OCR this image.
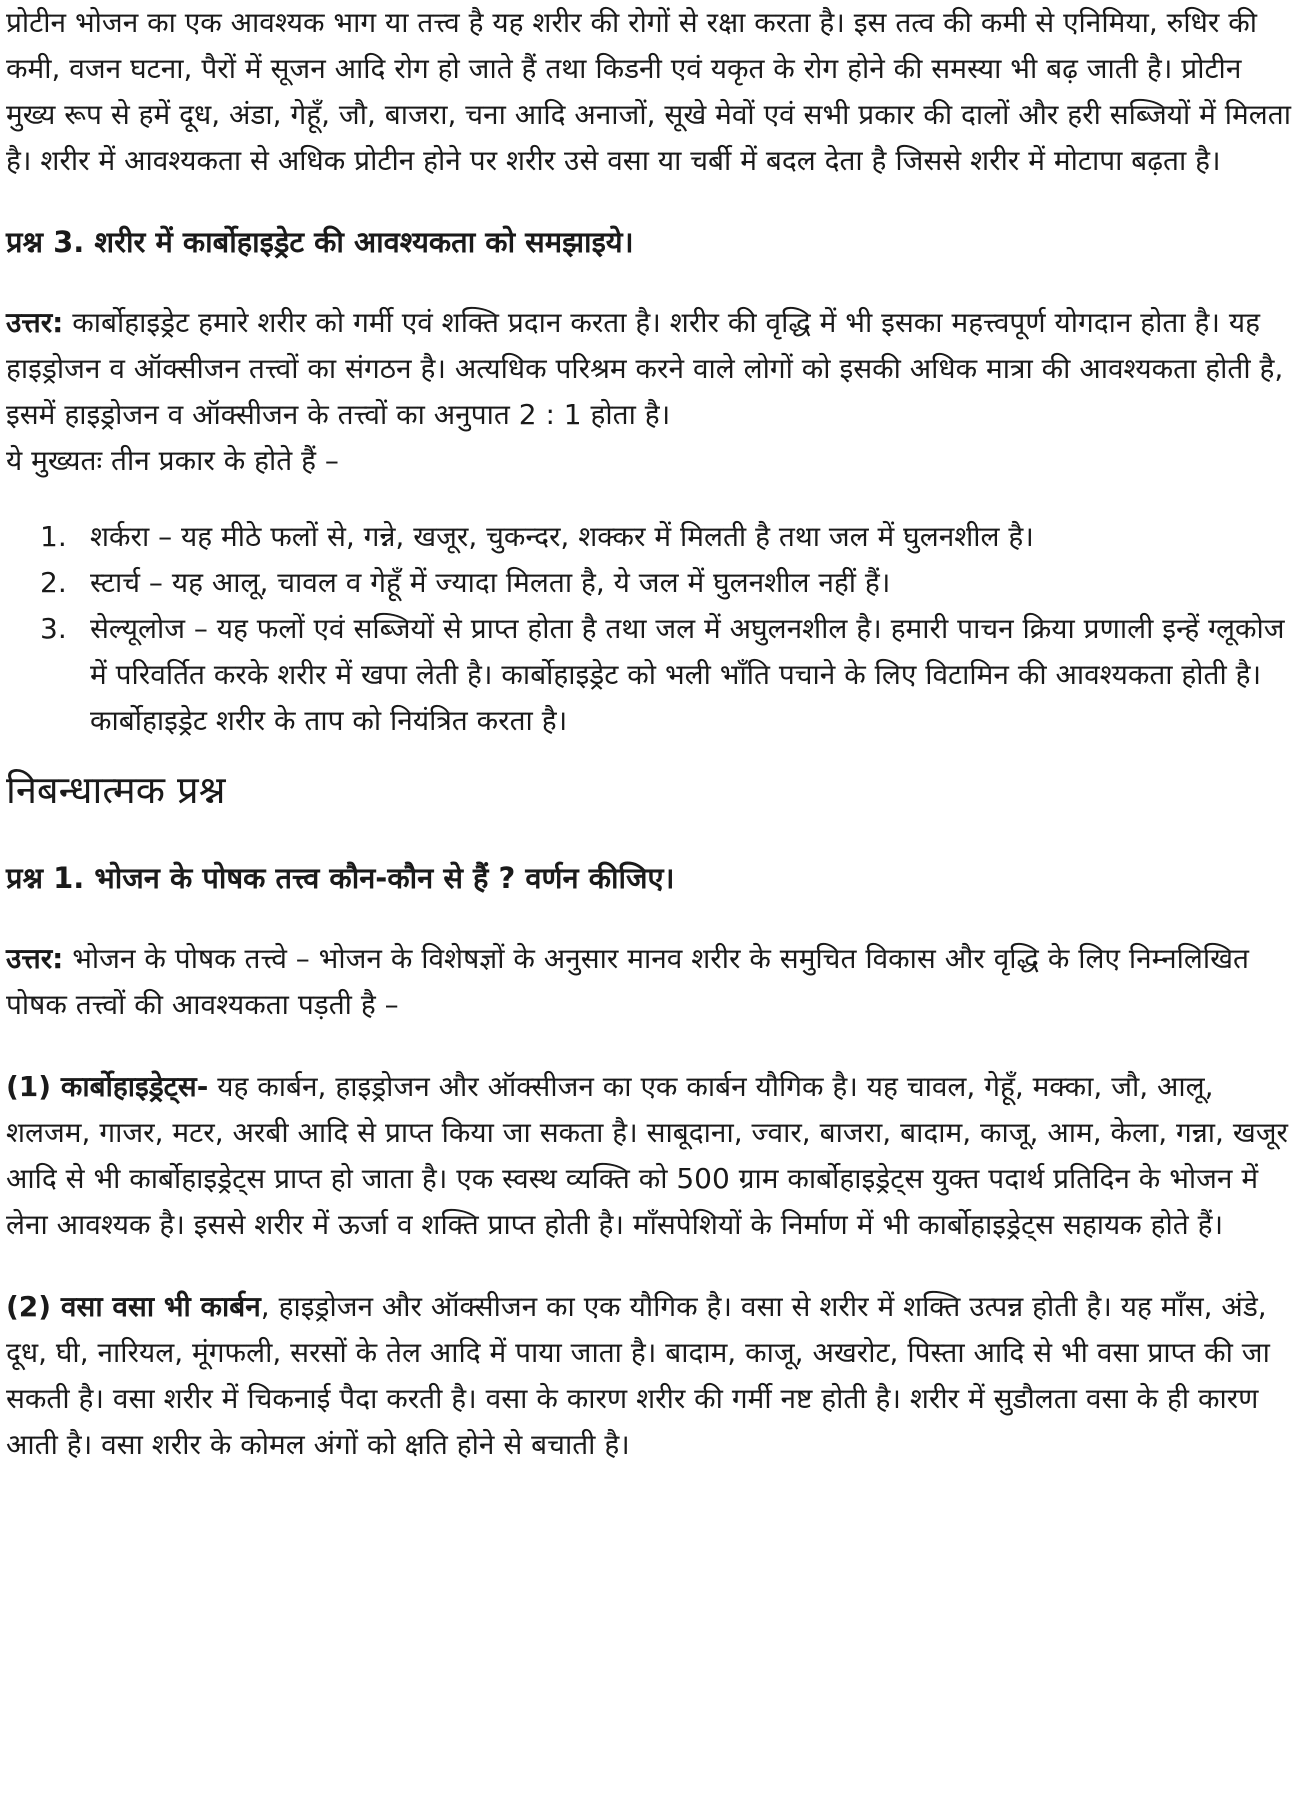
प्रोटीन भोजन का एक आवश्यक भाग या तत्त्व है यह शरीर की रोगों से रक्षा करता है। इस तत्व की कमी से एनिमिया, रुधिर की कमी, वजन घटना, पैरों में सूजन आदि रोग हो जाते हैं तथा किडनी एवं यकृत के रोग होने की समस्या भी बढ़ जाती है। प्रोटीन मुख्य रूप से हमें दूध, अंडा, गेहूँ, जौ, बाजरा, चना आदि अनाजों, सूखे मेवों एवं सभी प्रकार की दालों और हरी सब्जियों में मिलता है। शरीर में आवश्यकता से अधिक प्रोटीन होने पर शरीर उसे वसा या चर्बी में बदल देता है जिससे शरीर में मोटापा बढ़ता है।

प्रश्न 3. शरीर में कार्बोहाइड्रेट की आवश्यकता को समझाइये।

उत्तर: कार्बोहाइड्रेट हमारे शरीर को गर्मी एवं शक्ति प्रदान करता है। शरीर की वृद्धि में भी इसका महत्त्वपूर्ण योगदान होता है। यह हाइड्रोजन व ऑक्सीजन तत्त्वों का संगठन है। अत्यधिक परिश्रम करने वाले लोगों को इसकी अधिक मात्रा की आवश्यकता होती है, इसमें हाइड्रोजन व ऑक्सीजन के तत्त्वों का अनुपात 2 : 1 होता है।

ये मुख्यतः तीन प्रकार के होते हैं –

1. शर्करा – यह मीठे फलों से, गन्ने, खजूर, चुकन्दर, शक्कर में मिलती है तथा जल में घुलनशील है।
2. स्टार्च – यह आलू, चावल व गेहूँ में ज्यादा मिलता है, ये जल में घुलनशील नहीं हैं।
3. सेल्यूलोज – यह फलों एवं सब्जियों से प्राप्त होता है तथा जल में अघुलनशील है। हमारी पाचन क्रिया प्रणाली इन्हें ग्लूकोज में परिवर्तित करके शरीर में खपा लेती है। कार्बोहाइड्रेट को भली भाँति पचाने के लिए विटामिन की आवश्यकता होती है। कार्बोहाइड्रेट शरीर के ताप को नियंत्रित करता है।

निबन्धात्मक प्रश्न

प्रश्न 1. भोजन के पोषक तत्त्व कौन-कौन से हैं ? वर्णन कीजिए।

उत्तर: भोजन के पोषक तत्त्वे – भोजन के विशेषज्ञों के अनुसार मानव शरीर के समुचित विकास और वृद्धि के लिए निम्नलिखित पोषक तत्त्वों की आवश्यकता पड़ती है –

(1) कार्बोहाइड्रेट्स- यह कार्बन, हाइड्रोजन और ऑक्सीजन का एक कार्बन यौगिक है। यह चावल, गेहूँ, मक्का, जौ, आलू, शलजम, गाजर, मटर, अरबी आदि से प्राप्त किया जा सकता है। साबूदाना, ज्वार, बाजरा, बादाम, काजू, आम, केला, गन्ना, खजूर आदि से भी कार्बोहाइड्रेट्स प्राप्त हो जाता है। एक स्वस्थ व्यक्ति को 500 ग्राम कार्बोहाइड्रेट्स युक्त पदार्थ प्रतिदिन के भोजन में लेना आवश्यक है। इससे शरीर में ऊर्जा व शक्ति प्राप्त होती है। माँसपेशियों के निर्माण में भी कार्बोहाइड्रेट्स सहायक होते हैं।

(2) वसा वसा भी कार्बन, हाइड्रोजन और ऑक्सीजन का एक यौगिक है। वसा से शरीर में शक्ति उत्पन्न होती है। यह माँस, अंडे, दूध, घी, नारियल, मूंगफली, सरसों के तेल आदि में पाया जाता है। बादाम, काजू, अखरोट, पिस्ता आदि से भी वसा प्राप्त की जा सकती है। वसा शरीर में चिकनाई पैदा करती है। वसा के कारण शरीर की गर्मी नष्ट होती है। शरीर में सुडौलता वसा के ही कारण आती है। वसा शरीर के कोमल अंगों को क्षति होने से बचाती है।
